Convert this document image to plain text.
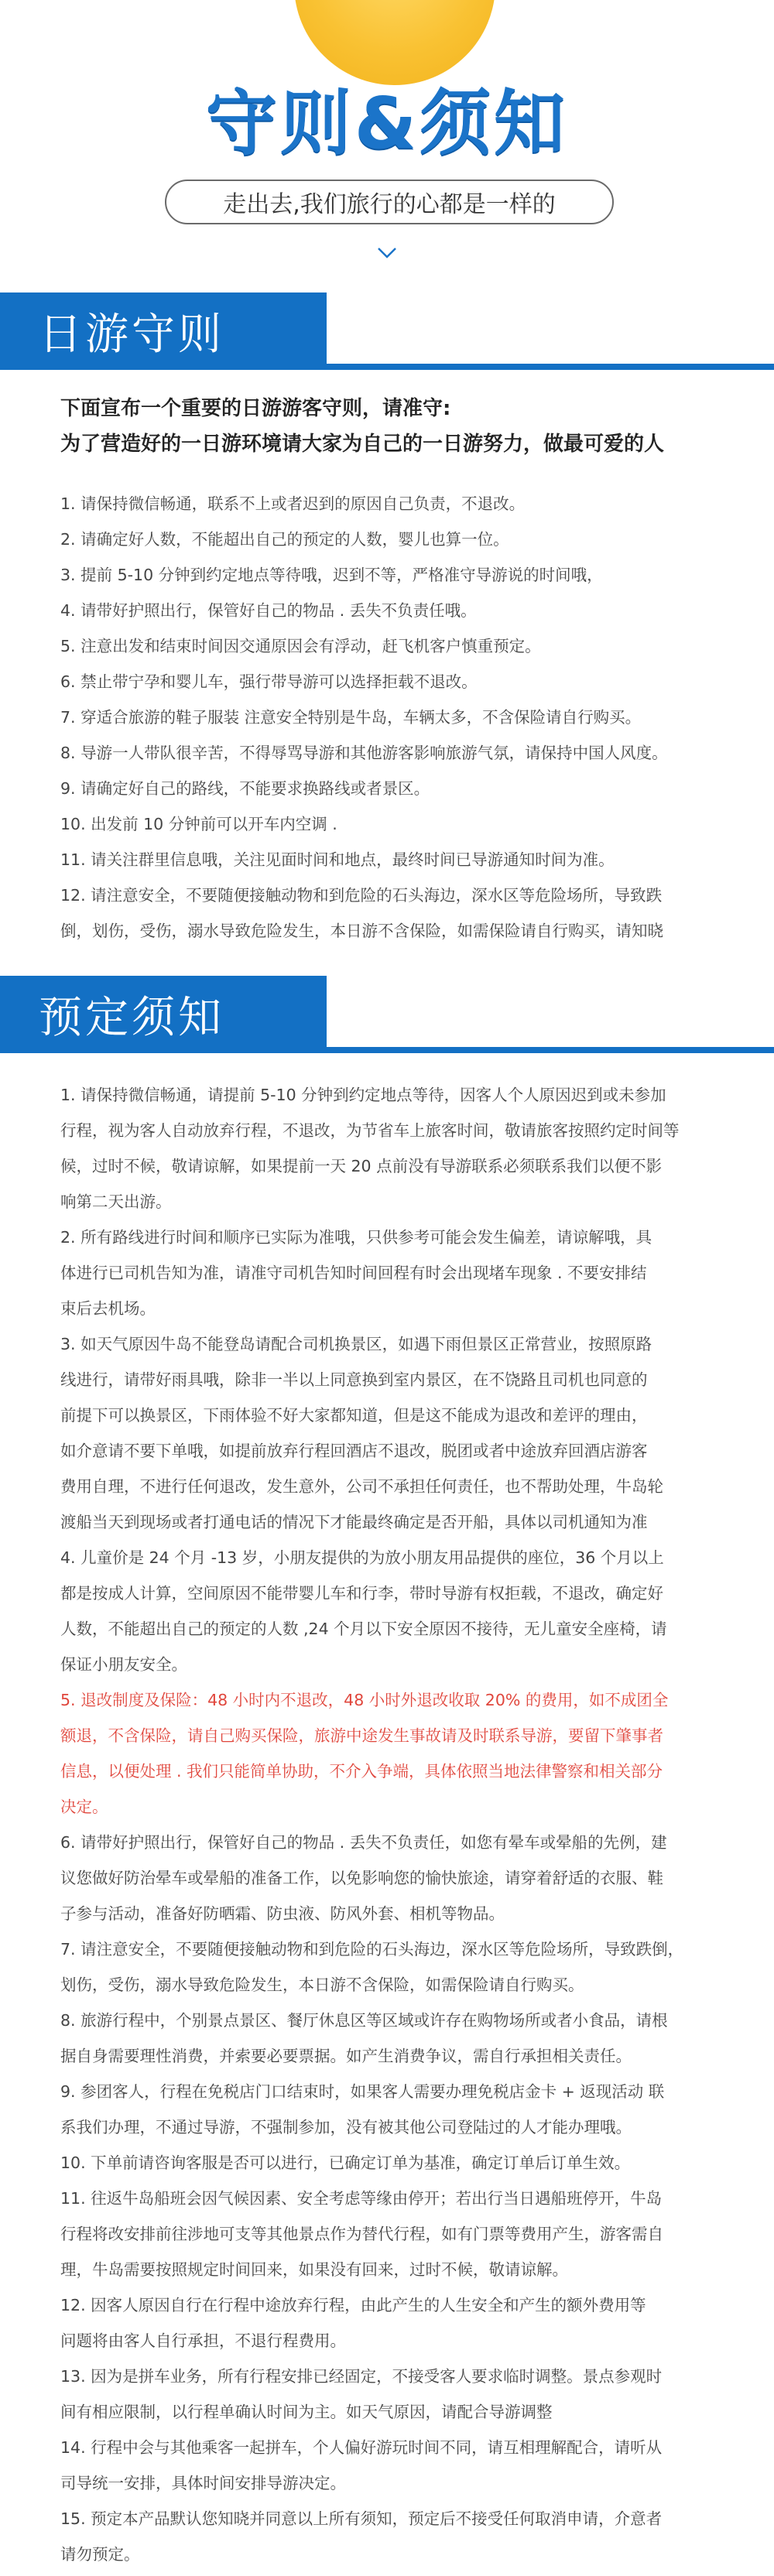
守则&须知
走出去,我们旅行的心都是一样的
日游守则
下面宣布一个重要的日游游客守则，请准守:
为了营造好的一日游环境请大家为自己的一日游努力，做最可爱的人

1. 请保持微信畅通，联系不上或者迟到的原因自己负责，不退改。

2. 请确定好人数，不能超出自己的预定的人数，婴儿也算一位。

3. 提前 5-10 分钟到约定地点等待哦，迟到不等，严格准守导游说的时间哦，

4. 请带好护照出行，保管好自己的物品 . 丢失不负责任哦。

5. 注意出发和结束时间因交通原因会有浮动，赶飞机客户慎重预定。

6. 禁止带宁孕和婴儿车，强行带导游可以选择拒载不退改。

7. 穿适合旅游的鞋子服装 注意安全特别是牛岛，车辆太多，不含保险请自行购买。

8. 导游一人带队很辛苦，不得辱骂导游和其他游客影响旅游气氛，请保持中国人风度。

9. 请确定好自己的路线，不能要求换路线或者景区。

10. 出发前 10 分钟前可以开车内空调 .

11. 请关注群里信息哦，关注见面时间和地点，最终时间已导游通知时间为准。

12. 请注意安全，不要随便接触动物和到危险的石头海边，深水区等危险场所，导致跌

倒，划伤，受伤，溺水导致危险发生，本日游不含保险，如需保险请自行购买，请知晓

预定须知

1. 请保持微信畅通，请提前 5-10 分钟到约定地点等待，因客人个人原因迟到或未参加

行程，视为客人自动放弃行程，不退改，为节省车上旅客时间，敬请旅客按照约定时间等

候，过时不候，敬请谅解，如果提前一天 20 点前没有导游联系必须联系我们以便不影

响第二天出游。

2. 所有路线进行时间和顺序已实际为准哦，只供参考可能会发生偏差，请谅解哦，具

体进行已司机告知为准，请准守司机告知时间回程有时会出现堵车现象 . 不要安排结

束后去机场。

3. 如天气原因牛岛不能登岛请配合司机换景区，如遇下雨但景区正常营业，按照原路

线进行，请带好雨具哦，除非一半以上同意换到室内景区，在不饶路且司机也同意的

前提下可以换景区，下雨体验不好大家都知道，但是这不能成为退改和差评的理由，

如介意请不要下单哦，如提前放弃行程回酒店不退改，脱团或者中途放弃回酒店游客

费用自理，不进行任何退改，发生意外，公司不承担任何责任，也不帮助处理，牛岛轮

渡船当天到现场或者打通电话的情况下才能最终确定是否开船，具体以司机通知为准

4. 儿童价是 24 个月 -13 岁，小朋友提供的为放小朋友用品提供的座位，36 个月以上

都是按成人计算，空间原因不能带婴儿车和行李，带时导游有权拒载，不退改，确定好

人数，不能超出自己的预定的人数 ,24 个月以下安全原因不接待，无儿童安全座椅，请

保证小朋友安全。

5. 退改制度及保险：48 小时内不退改，48 小时外退改收取 20% 的费用，如不成团全

额退，不含保险，请自己购买保险，旅游中途发生事故请及时联系导游，要留下肇事者

信息，以便处理 . 我们只能简单协助，不介入争端，具体依照当地法律警察和相关部分

决定。

6. 请带好护照出行，保管好自己的物品 . 丢失不负责任，如您有晕车或晕船的先例，建

议您做好防治晕车或晕船的准备工作，以免影响您的愉快旅途，请穿着舒适的衣服、鞋

子参与活动，准备好防晒霜、防虫液、防风外套、相机等物品。

7. 请注意安全，不要随便接触动物和到危险的石头海边，深水区等危险场所，导致跌倒，

划伤，受伤，溺水导致危险发生，本日游不含保险，如需保险请自行购买。

8. 旅游行程中，个别景点景区、餐厅休息区等区域或许存在购物场所或者小食品，请根

据自身需要理性消费，并索要必要票据。如产生消费争议，需自行承担相关责任。

9. 参团客人，行程在免税店门口结束时，如果客人需要办理免税店金卡 + 返现活动 联

系我们办理，不通过导游，不强制参加，没有被其他公司登陆过的人才能办理哦。

10. 下单前请咨询客服是否可以进行，已确定订单为基准，确定订单后订单生效。

11. 往返牛岛船班会因气候因素、安全考虑等缘由停开；若出行当日遇船班停开，牛岛

行程将改安排前往涉地可支等其他景点作为替代行程，如有门票等费用产生，游客需自

理，牛岛需要按照规定时间回来，如果没有回来，过时不候，敬请谅解。

12. 因客人原因自行在行程中途放弃行程，由此产生的人生安全和产生的额外费用等

问题将由客人自行承担，不退行程费用。

13. 因为是拼车业务，所有行程安排已经固定，不接受客人要求临时调整。景点参观时

间有相应限制，以行程单确认时间为主。如天气原因，请配合导游调整

14. 行程中会与其他乘客一起拼车，个人偏好游玩时间不同，请互相理解配合，请听从

司导统一安排，具体时间安排导游决定。

15. 预定本产品默认您知晓并同意以上所有须知，预定后不接受任何取消申请，介意者

请勿预定。
